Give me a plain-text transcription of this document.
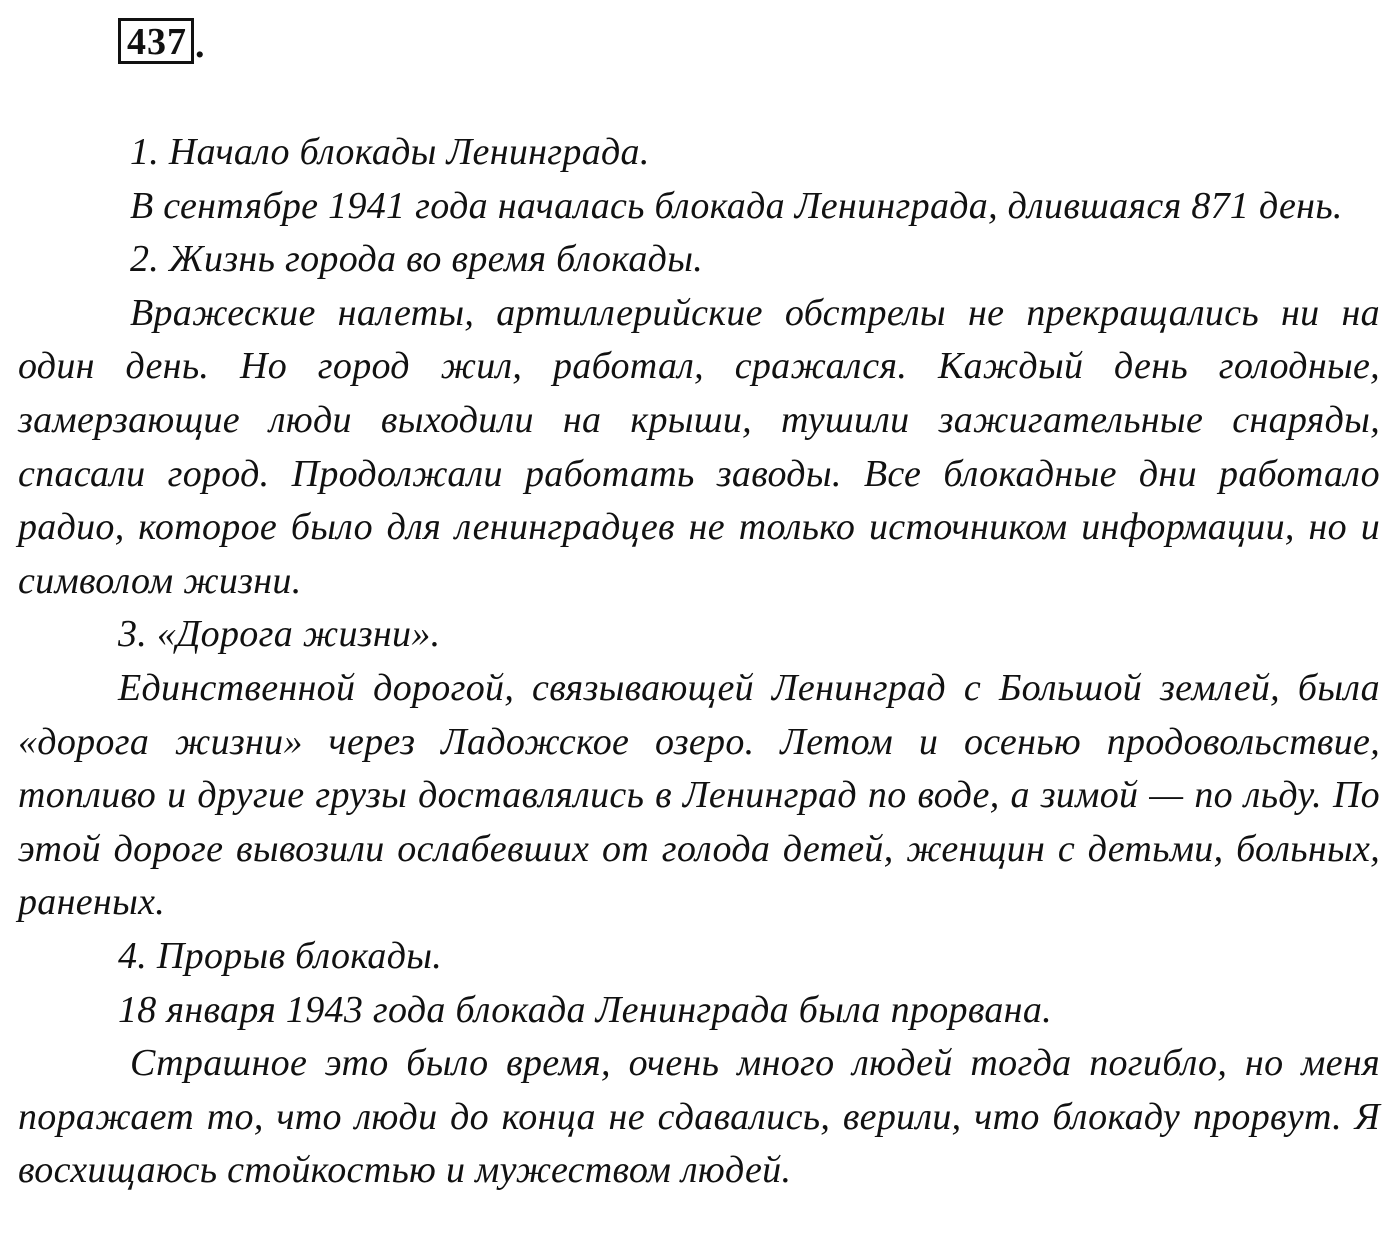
437 .

1. Начало блокады Ленинграда.

В сентябре 1941 года началась блокада Ленинграда, длившаяся 871 день.

2. Жизнь города во время блокады.

Вражеские налеты, артиллерийские обстрелы не прекращались ни на один день. Но город жил, работал, сражался. Каждый день голодные, замерзающие люди выходили на крыши, тушили зажигательные снаряды, спасали город. Продолжали работать заводы. Все блокадные дни работало радио, которое было для ленинградцев не только источником информации, но и символом жизни.

3. «Дорога жизни».

Единственной дорогой, связывающей Ленинград с Большой землей, была «дорога жизни» через Ладожское озеро. Летом и осенью продовольствие, топливо и другие грузы доставлялись в Ленинград по воде, а зимой — по льду. По этой дороге вывозили ослабевших от голода детей, женщин с детьми, больных, раненых.

4. Прорыв блокады.

18 января 1943 года блокада Ленинграда была прорвана.

Страшное это было время, очень много людей тогда погибло, но меня поражает то, что люди до конца не сдавались, верили, что блокаду прорвут. Я восхищаюсь стойкостью и мужеством людей.
